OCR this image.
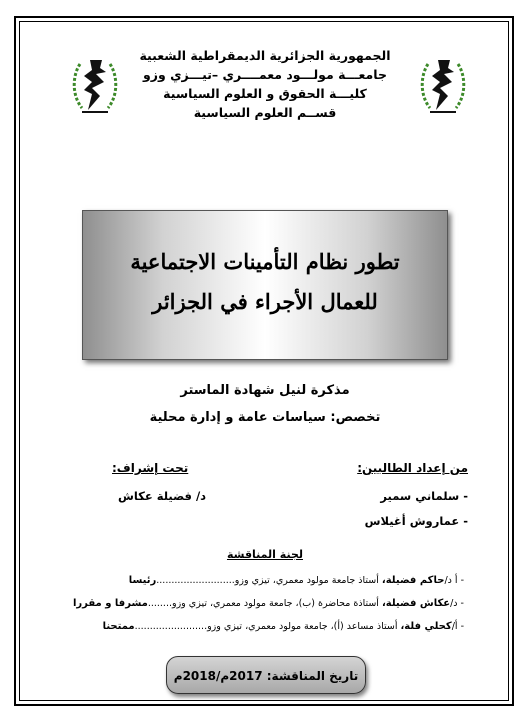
الجمهورية الجزائرية الديمقراطية الشعبية
جامعـــة مولـــود معمــــري –تيـــزي وزو
كليـــة الحقوق و العلوم السياسية
قســم العلوم السياسية
تطور نظام التأمينات الاجتماعية
للعمال الأجراء في الجزائر
مذكرة لنيل شهادة الماستر
تخصص: سياسات عامة و إدارة محلية
من إعداد الطالبين:
- سلماني سمير
- عماروش أغيلاس
تحت إشراف:
د/ فضيلة عكاش
لجنة المناقشة
- أ د/حاكم فضيلة، أستاذ جامعة مولود معمري، تيزي وزو..........................رئيسا
- د/عكاش فضيلة، أستاذة محاضرة (ب)، جامعة مولود معمري، تيزي وزو........مشرفا و مقررا
- أ/كحلي فلة، أستاذ مساعد (أ)، جامعة مولود معمري، تيزي وزو........................ممتحنا
تاريخ المناقشة: 2017م/2018م
